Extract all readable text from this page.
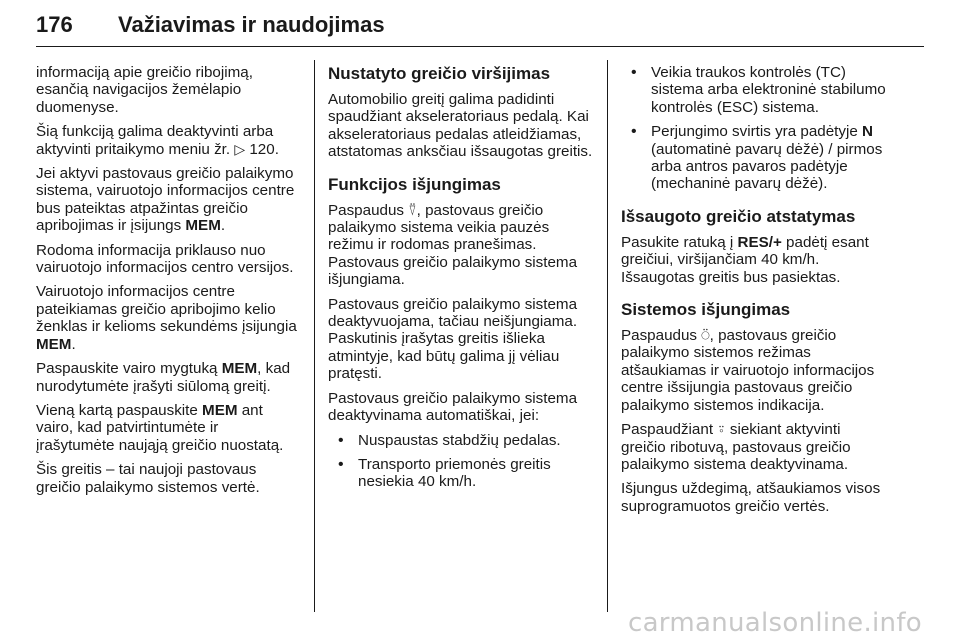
176 Važiavimas ir naudojimas

informaciją apie greičio ribojimą, esančią navigacijos žemėlapio duomenyse.

Šią funkciją galima deaktyvinti arba aktyvinti pritaikymo meniu žr. ▷ 120.

Jei aktyvi pastovaus greičio palaikymo sistema, vairuotojo informacijos centre bus pateiktas atpažintas greičio apribojimas ir įsijungs MEM.

Rodoma informacija priklauso nuo vairuotojo informacijos centro versijos.

Vairuotojo informacijos centre pateikiamas greičio apribojimo kelio ženklas ir kelioms sekundėms įsijungia MEM.

Paspauskite vairo mygtuką MEM, kad nurodytumėte įrašyti siūlomą greitį.

Vieną kartą paspauskite MEM ant vairo, kad patvirtintumėte ir įrašytumėte naująją greičio nuostatą.

Šis greitis – tai naujoji pastovaus greičio palaikymo sistemos vertė.

Nustatyto greičio viršijimas

Automobilio greitį galima padidinti spaudžiant akseleratoriaus pedalą. Kai akseleratoriaus pedalas atleidžiamas, atstatomas anksčiau išsaugotas greitis.

Funkcijos išjungimas

Paspaudus ⍢, pastovaus greičio palaikymo sistema veikia pauzės režimu ir rodomas pranešimas. Pastovaus greičio palaikymo sistema išjungiama.

Pastovaus greičio palaikymo sistema deaktyvuojama, tačiau neišjungiama. Paskutinis įrašytas greitis išlieka atmintyje, kad būtų galima jį vėliau pratęsti.

Pastovaus greičio palaikymo sistema deaktyvinama automatiškai, jei:

• Nuspaustas stabdžių pedalas.
• Transporto priemonės greitis nesiekia 40 km/h.
• Veikia traukos kontrolės (TC) sistema arba elektroninė stabilumo kontrolės (ESC) sistema.
• Perjungimo svirtis yra padėtyje N (automatinė pavarų dėžė) / pirmos arba antros pavaros padėtyje (mechaninė pavarų dėžė).
Išsaugoto greičio atstatymas

Pasukite ratuką į RES/+ padėtį esant greičiui, viršijančiam 40 km/h. Išsaugotas greitis bus pasiektas.

Sistemos išjungimas

Paspaudus ⍥, pastovaus greičio palaikymo sistemos režimas atšaukiamas ir vairuotojo informacijos centre išsijungia pastovaus greičio palaikymo sistemos indikacija.

Paspaudžiant ⍤ siekiant aktyvinti greičio ribotuvą, pastovaus greičio palaikymo sistema deaktyvinama.

Išjungus uždegimą, atšaukiamos visos suprogramuotos greičio vertės.

carmanualsonline.info
